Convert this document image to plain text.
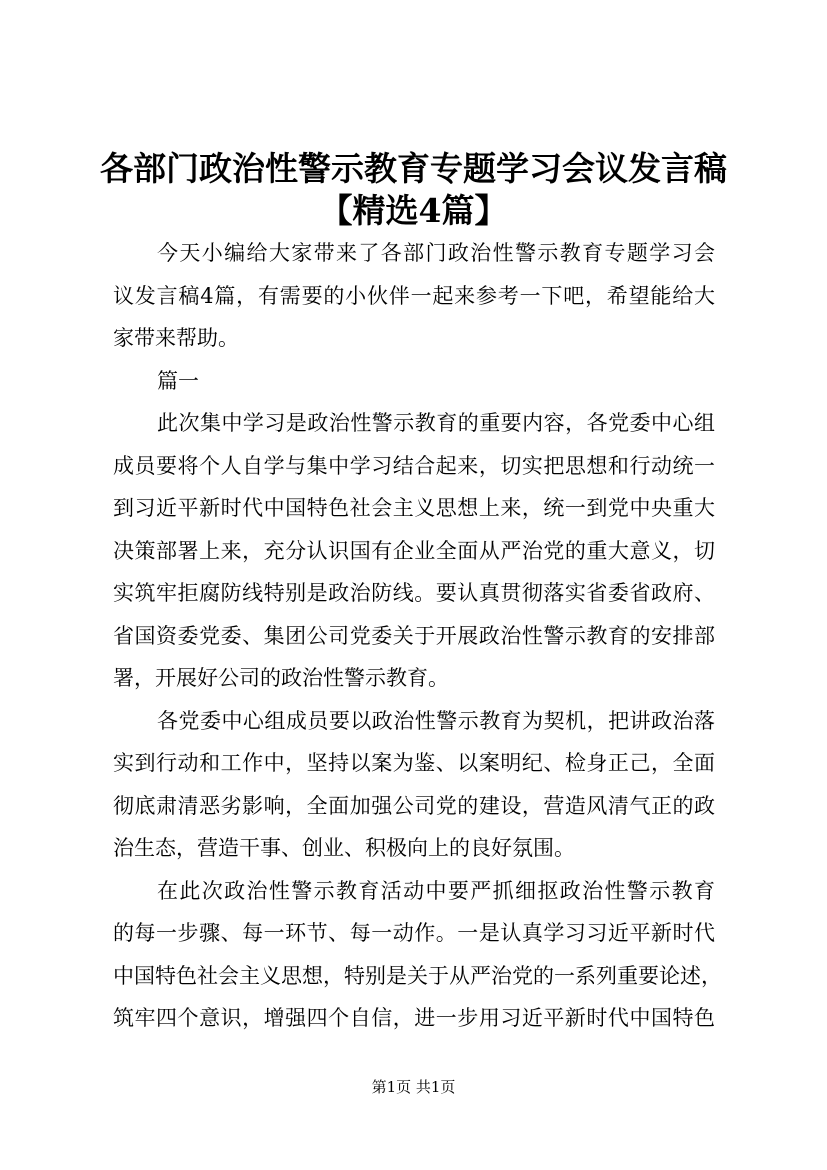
各部门政治性警示教育专题学习会议发言稿
【精选4篇】
今天小编给大家带来了各部门政治性警示教育专题学习会
议发言稿4篇，有需要的小伙伴一起来参考一下吧，希望能给大
家带来帮助。
篇一
此次集中学习是政治性警示教育的重要内容，各党委中心组
成员要将个人自学与集中学习结合起来，切实把思想和行动统一
到习近平新时代中国特色社会主义思想上来，统一到党中央重大
决策部署上来，充分认识国有企业全面从严治党的重大意义，切
实筑牢拒腐防线特别是政治防线。要认真贯彻落实省委省政府、
省国资委党委、集团公司党委关于开展政治性警示教育的安排部
署，开展好公司的政治性警示教育。
各党委中心组成员要以政治性警示教育为契机，把讲政治落
实到行动和工作中，坚持以案为鉴、以案明纪、检身正己，全面
彻底肃清恶劣影响，全面加强公司党的建设，营造风清气正的政
治生态，营造干事、创业、积极向上的良好氛围。
在此次政治性警示教育活动中要严抓细抠政治性警示教育
的每一步骤、每一环节、每一动作。一是认真学习习近平新时代
中国特色社会主义思想，特别是关于从严治党的一系列重要论述，
筑牢四个意识，增强四个自信，进一步用习近平新时代中国特色
第1页 共1页
